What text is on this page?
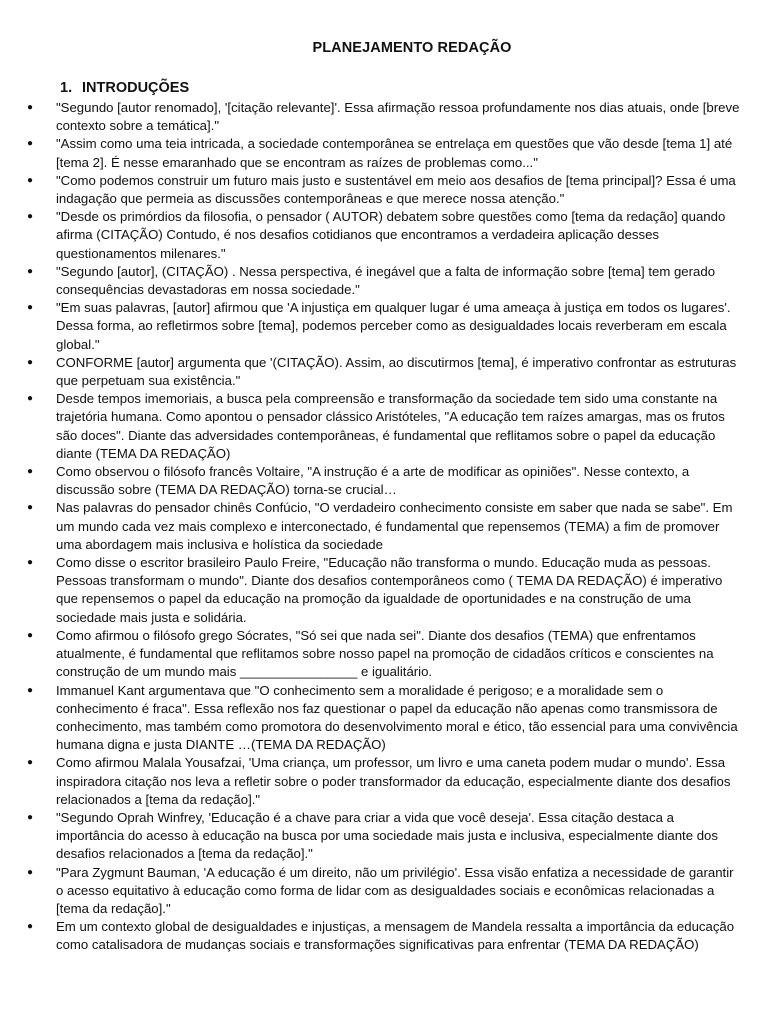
PLANEJAMENTO REDAÇÃO
1. INTRODUÇÕES
● "Segundo [autor renomado], '[citação relevante]'. Essa afirmação ressoa profundamente nos dias atuais, onde [breve contexto sobre a temática]."
● "Assim como uma teia intricada, a sociedade contemporânea se entrelaça em questões que vão desde [tema 1] até [tema 2]. É nesse emaranhado que se encontram as raízes de problemas como..."
● "Como podemos construir um futuro mais justo e sustentável em meio aos desafios de [tema principal]? Essa é uma indagação que permeia as discussões contemporâneas e que merece nossa atenção."
● "Desde os primórdios da filosofia, o pensador ( AUTOR) debatem sobre questões como [tema da redação] quando afirma (CITAÇÃO) Contudo, é nos desafios cotidianos que encontramos a verdadeira aplicação desses questionamentos milenares."
● "Segundo [autor], (CITAÇÃO) . Nessa perspectiva, é inegável que a falta de informação sobre [tema] tem gerado consequências devastadoras em nossa sociedade."
● "Em suas palavras, [autor] afirmou que 'A injustiça em qualquer lugar é uma ameaça à justiça em todos os lugares'. Dessa forma, ao refletirmos sobre [tema], podemos perceber como as desigualdades locais reverberam em escala global."
● CONFORME [autor] argumenta que '(CITAÇÃO). Assim, ao discutirmos [tema], é imperativo confrontar as estruturas que perpetuam sua existência."
● Desde tempos imemoriais, a busca pela compreensão e transformação da sociedade tem sido uma constante na trajetória humana. Como apontou o pensador clássico Aristóteles, "A educação tem raízes amargas, mas os frutos são doces". Diante das adversidades contemporâneas, é fundamental que reflitamos sobre o papel da educação diante (TEMA DA REDAÇÃO)
● Como observou o filósofo francês Voltaire, "A instrução é a arte de modificar as opiniões". Nesse contexto, a discussão sobre (TEMA DA REDAÇÃO) torna-se crucial…
● Nas palavras do pensador chinês Confúcio, "O verdadeiro conhecimento consiste em saber que nada se sabe". Em um mundo cada vez mais complexo e interconectado, é fundamental que repensemos (TEMA) a fim de promover uma abordagem mais inclusiva e holística da sociedade
● Como disse o escritor brasileiro Paulo Freire, "Educação não transforma o mundo. Educação muda as pessoas. Pessoas transformam o mundo". Diante dos desafios contemporâneos como ( TEMA DA REDAÇÃO) é imperativo que repensemos o papel da educação na promoção da igualdade de oportunidades e na construção de uma sociedade mais justa e solidária.
● Como afirmou o filósofo grego Sócrates, "Só sei que nada sei". Diante dos desafios (TEMA) que enfrentamos atualmente, é fundamental que reflitamos sobre nosso papel na promoção de cidadãos críticos e conscientes na construção de um mundo mais ________________ e igualitário.
● Immanuel Kant argumentava que "O conhecimento sem a moralidade é perigoso; e a moralidade sem o conhecimento é fraca". Essa reflexão nos faz questionar o papel da educação não apenas como transmissora de conhecimento, mas também como promotora do desenvolvimento moral e ético, tão essencial para uma convivência humana digna e justa DIANTE …(TEMA DA REDAÇÃO)
● Como afirmou Malala Yousafzai, 'Uma criança, um professor, um livro e uma caneta podem mudar o mundo'. Essa inspiradora citação nos leva a refletir sobre o poder transformador da educação, especialmente diante dos desafios relacionados a [tema da redação]."
● "Segundo Oprah Winfrey, 'Educação é a chave para criar a vida que você deseja'. Essa citação destaca a importância do acesso à educação na busca por uma sociedade mais justa e inclusiva, especialmente diante dos desafios relacionados a [tema da redação]."
● "Para Zygmunt Bauman, 'A educação é um direito, não um privilégio'. Essa visão enfatiza a necessidade de garantir o acesso equitativo à educação como forma de lidar com as desigualdades sociais e econômicas relacionadas a [tema da redação]."
● Em um contexto global de desigualdades e injustiças, a mensagem de Mandela ressalta a importância da educação como catalisadora de mudanças sociais e transformações significativas para enfrentar (TEMA DA REDAÇÃO)
